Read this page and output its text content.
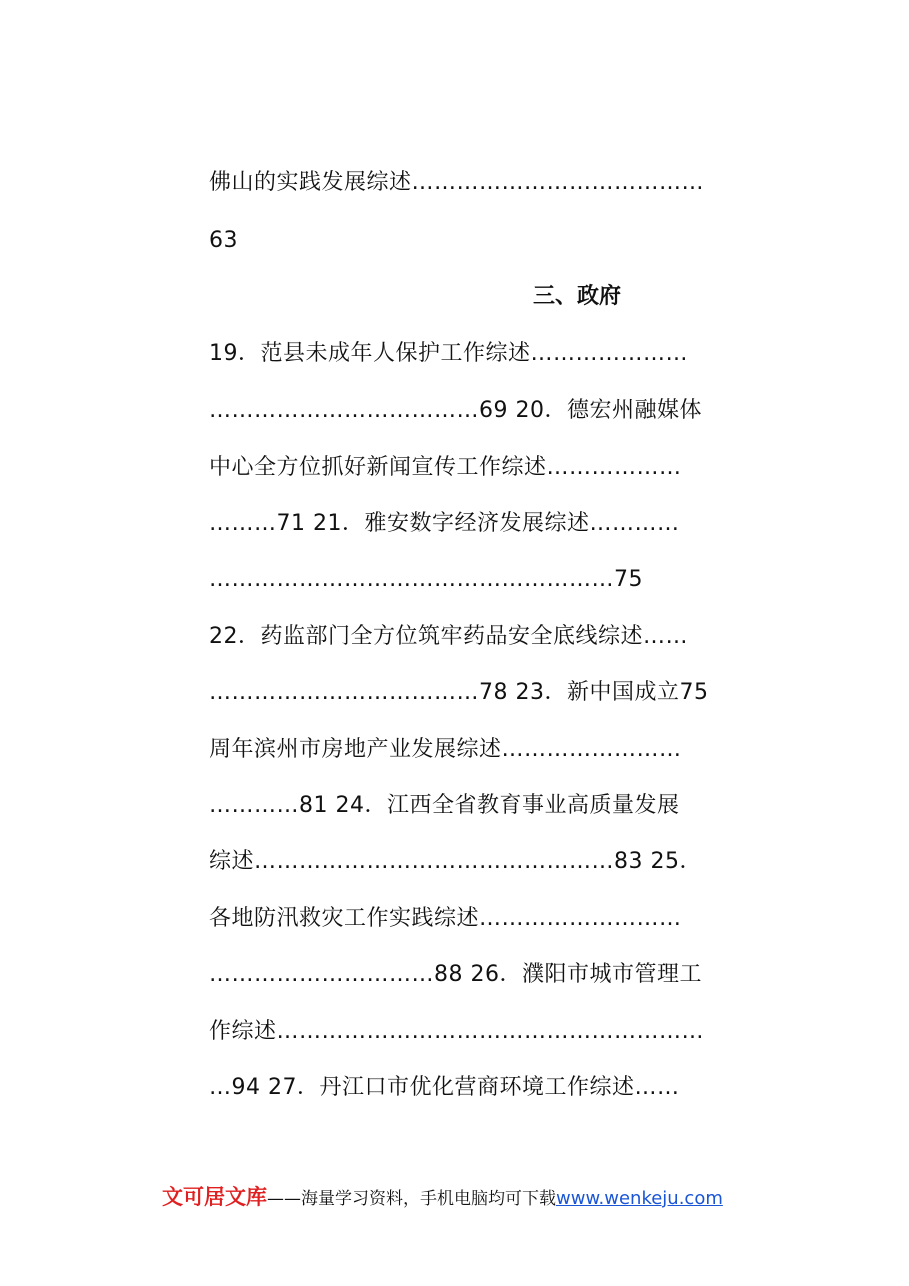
佛山的实践发展综述…………………………………
63
三、政府
19．范县未成年人保护工作综述…………………
………………………………69 20．德宏州融媒体
中心全方位抓好新闻宣传工作综述………………
………71 21．雅安数字经济发展综述…………
………………………………………………75
22．药监部门全方位筑牢药品安全底线综述……
………………………………78 23．新中国成立75
周年滨州市房地产业发展综述……………………
…………81 24．江西全省教育事业高质量发展
综述…………………………………………83 25．
各地防汛救灾工作实践综述………………………
…………………………88 26．濮阳市城市管理工
作综述…………………………………………………
…94 27．丹江口市优化营商环境工作综述……
文可居文库——海量学习资料，手机电脑均可下载www.wenkeju.com
